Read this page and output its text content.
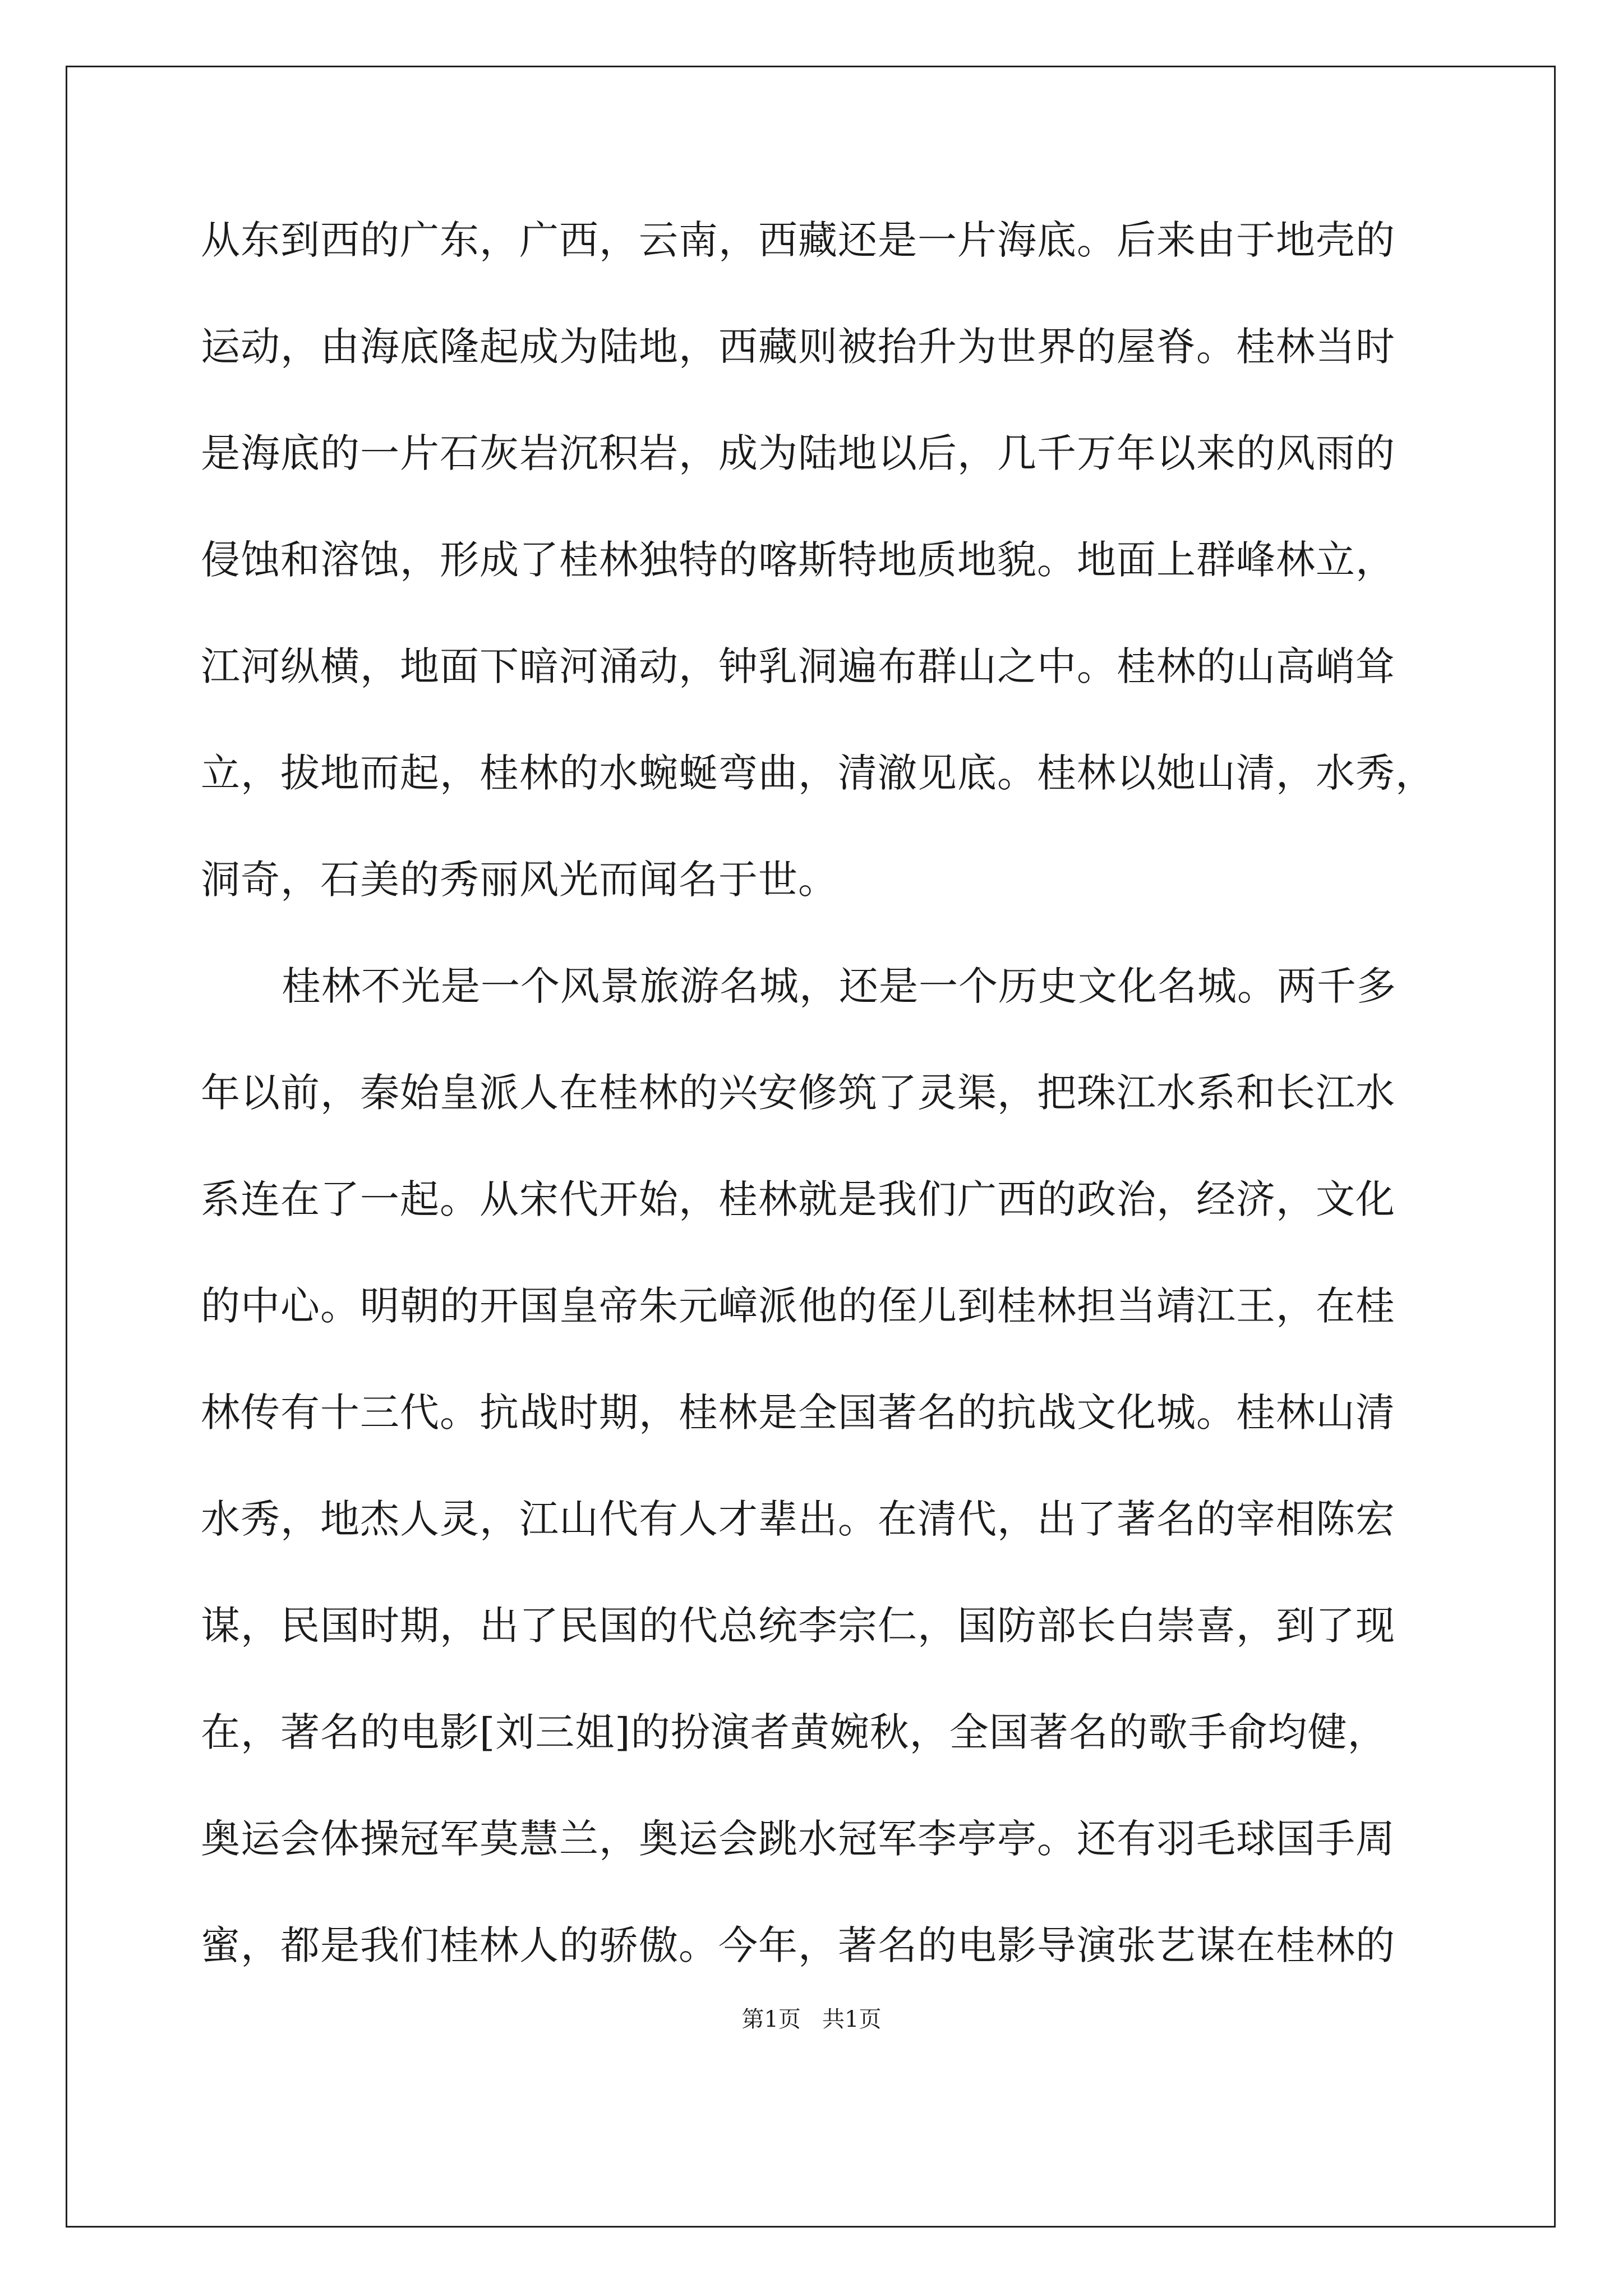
从东到西的广东，广西，云南，西藏还是一片海底。后来由于地壳的

运动，由海底隆起成为陆地，西藏则被抬升为世界的屋脊。桂林当时

是海底的一片石灰岩沉积岩，成为陆地以后，几千万年以来的风雨的

侵蚀和溶蚀，形成了桂林独特的喀斯特地质地貌。地面上群峰林立，

江河纵横，地面下暗河涌动，钟乳洞遍布群山之中。桂林的山高峭耸

立，拔地而起，桂林的水蜿蜒弯曲，清澈见底。桂林以她山清，水秀，

洞奇，石美的秀丽风光而闻名于世。

桂林不光是一个风景旅游名城，还是一个历史文化名城。两千多

年以前，秦始皇派人在桂林的兴安修筑了灵渠，把珠江水系和长江水

系连在了一起。从宋代开始，桂林就是我们广西的政治，经济，文化

的中心。明朝的开国皇帝朱元嶂派他的侄儿到桂林担当靖江王，在桂

林传有十三代。抗战时期，桂林是全国著名的抗战文化城。桂林山清

水秀，地杰人灵，江山代有人才辈出。在清代，出了著名的宰相陈宏

谋，民国时期，出了民国的代总统李宗仁，国防部长白崇喜，到了现

在，著名的电影[刘三姐]的扮演者黄婉秋，全国著名的歌手俞均健，

奥运会体操冠军莫慧兰，奥运会跳水冠军李亭亭。还有羽毛球国手周

蜜，都是我们桂林人的骄傲。今年，著名的电影导演张艺谋在桂林的

第1页   共1页
